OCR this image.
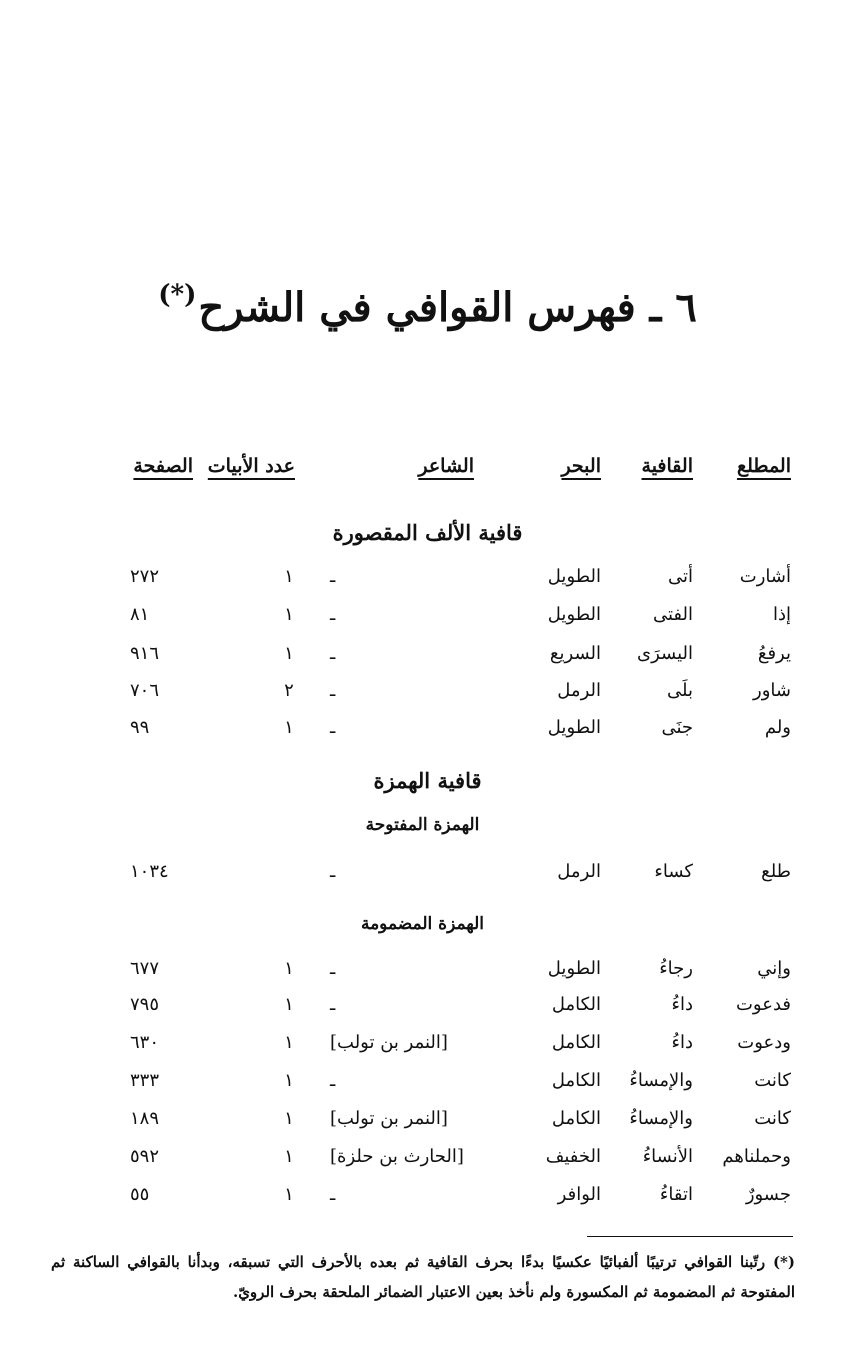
٦ ـ فهرس القوافي في الشرح(*)
المطلع
القافية
البحر
الشاعر
عدد الأبيات
الصفحة
قافية الألف المقصورة
أشارت
أتى
الطويل
ـ
١
٢٧٢
إذا
الفتى
الطويل
ـ
١
٨١
يرفعُ
اليسرَى
السريع
ـ
١
٩١٦
شاور
بلَى
الرمل
ـ
٢
٧٠٦
ولم
جنَى
الطويل
ـ
١
٩٩
قافية الهمزة
الهمزة المفتوحة
طلع
كساء
الرمل
ـ
١٠٣٤
الهمزة المضمومة
وإني
رجاءُ
الطويل
ـ
١
٦٧٧
فدعوت
داءُ
الكامل
ـ
١
٧٩٥
ودعوت
داءُ
الكامل
[النمر بن تولب]
١
٦٣٠
كانت
والإمساءُ
الكامل
ـ
١
٣٣٣
كانت
والإمساءُ
الكامل
[النمر بن تولب]
١
١٨٩
وحملناهم
الأنساءُ
الخفيف
[الحارث بن حلزة]
١
٥٩٢
جسورٌ
اتقاءُ
الوافر
ـ
١
٥٥
(*) رتّبنا القوافي ترتيبًا ألفبائيًا عكسيًا بدءًا بحرف القافية ثم بعده بالأحرف التي تسبقه، وبدأنا بالقوافي الساكنة ثم المفتوحة ثم المضمومة ثم المكسورة ولم نأخذ بعين الاعتبار الضمائر الملحقة بحرف الرويّ.
